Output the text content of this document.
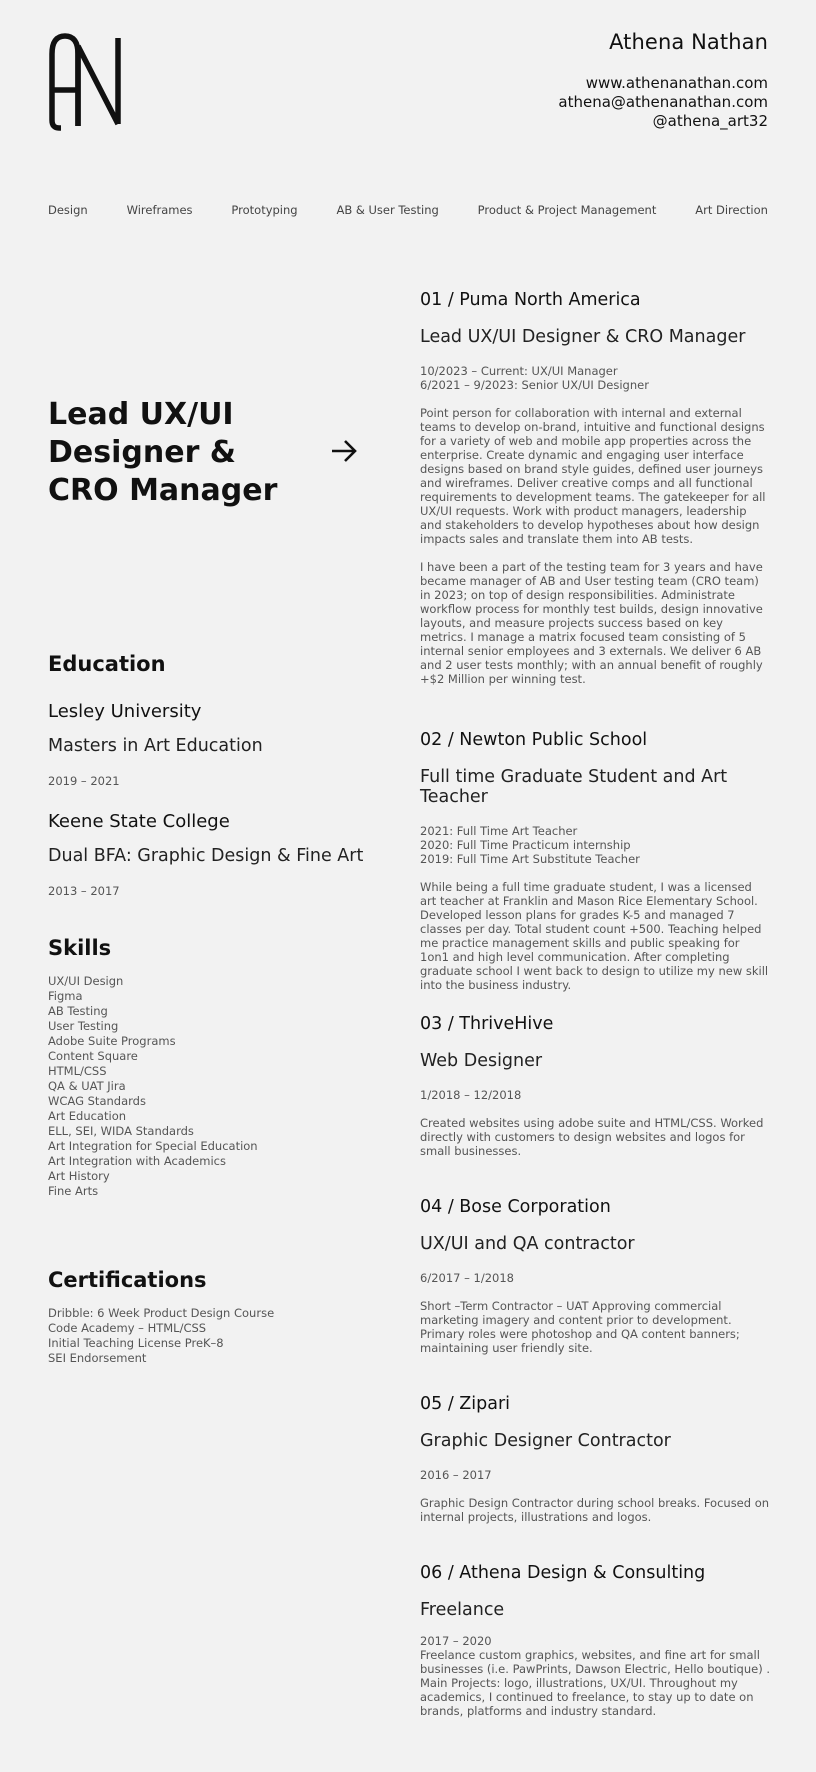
Athena Nathan
www.athenanathan.com
athena@athenanathan.com
@athena_art32
Design	Wireframes	Prototyping	AB & User Testing	Product & Project Management	Art Direction
Lead UX/UI
Designer &
CRO Manager
Education
Lesley University
Masters in Art Education
2019 – 2021
Keene State College
Dual BFA: Graphic Design & Fine Art
2013 – 2017
Skills
UX/UI Design
Figma
AB Testing
User Testing
Adobe Suite Programs
Content Square
HTML/CSS
QA & UAT Jira
WCAG Standards
Art Education
ELL, SEI, WIDA Standards
Art Integration for Special Education
Art Integration with Academics
Art History
Fine Arts
Certifications
Dribble: 6 Week Product Design Course
Code Academy – HTML/CSS
Initial Teaching License PreK–8
SEI Endorsement
01 / Puma North America
Lead UX/UI Designer & CRO Manager
10/2023 – Current: UX/UI Manager
6/2021 – 9/2023: Senior UX/UI Designer

Point person for collaboration with internal and external teams to develop on-brand, intuitive and functional designs for a variety of web and mobile app properties across the enterprise. Create dynamic and engaging user interface designs based on brand style guides, defined user journeys and wireframes. Deliver creative comps and all functional requirements to development teams. The gatekeeper for all UX/UI requests. Work with product managers, leadership and stakeholders to develop hypotheses about how design impacts sales and translate them into AB tests.

I have been a part of the testing team for 3 years and have became manager of AB and User testing team (CRO team) in 2023; on top of design responsibilities. Administrate workflow process for monthly test builds, design innovative layouts, and measure projects success based on key metrics. I manage a matrix focused team consisting of 5 internal senior employees and 3 externals. We deliver 6 AB and 2 user tests monthly; with an annual benefit of roughly +$2 Million per winning test.

02 / Newton Public School
Full time Graduate Student and Art Teacher
2021: Full Time Art Teacher
2020: Full Time Practicum internship
2019: Full Time Art Substitute Teacher

While being a full time graduate student, I was a licensed art teacher at Franklin and Mason Rice Elementary School. Developed lesson plans for grades K-5 and managed 7 classes per day. Total student count +500. Teaching helped me practice management skills and public speaking for 1on1 and high level communication. After completing graduate school I went back to design to utilize my new skill into the business industry.

03 / ThriveHive
Web Designer
1/2018 – 12/2018

Created websites using adobe suite and HTML/CSS. Worked directly with customers to design websites and logos for small businesses.

04 / Bose Corporation
UX/UI and QA contractor
6/2017 – 1/2018

Short –Term Contractor – UAT Approving commercial marketing imagery and content prior to development. Primary roles were photoshop and QA content banners; maintaining user friendly site.

05 / Zipari
Graphic Designer Contractor
2016 – 2017

Graphic Design Contractor during school breaks. Focused on internal projects, illustrations and logos.

06 / Athena Design & Consulting
Freelance
2017 – 2020

Freelance custom graphics, websites, and fine art for small businesses (i.e. PawPrints, Dawson Electric, Hello boutique) . Main Projects: logo, illustrations, UX/UI. Throughout my academics, I continued to freelance, to stay up to date on brands, platforms and industry standard.
